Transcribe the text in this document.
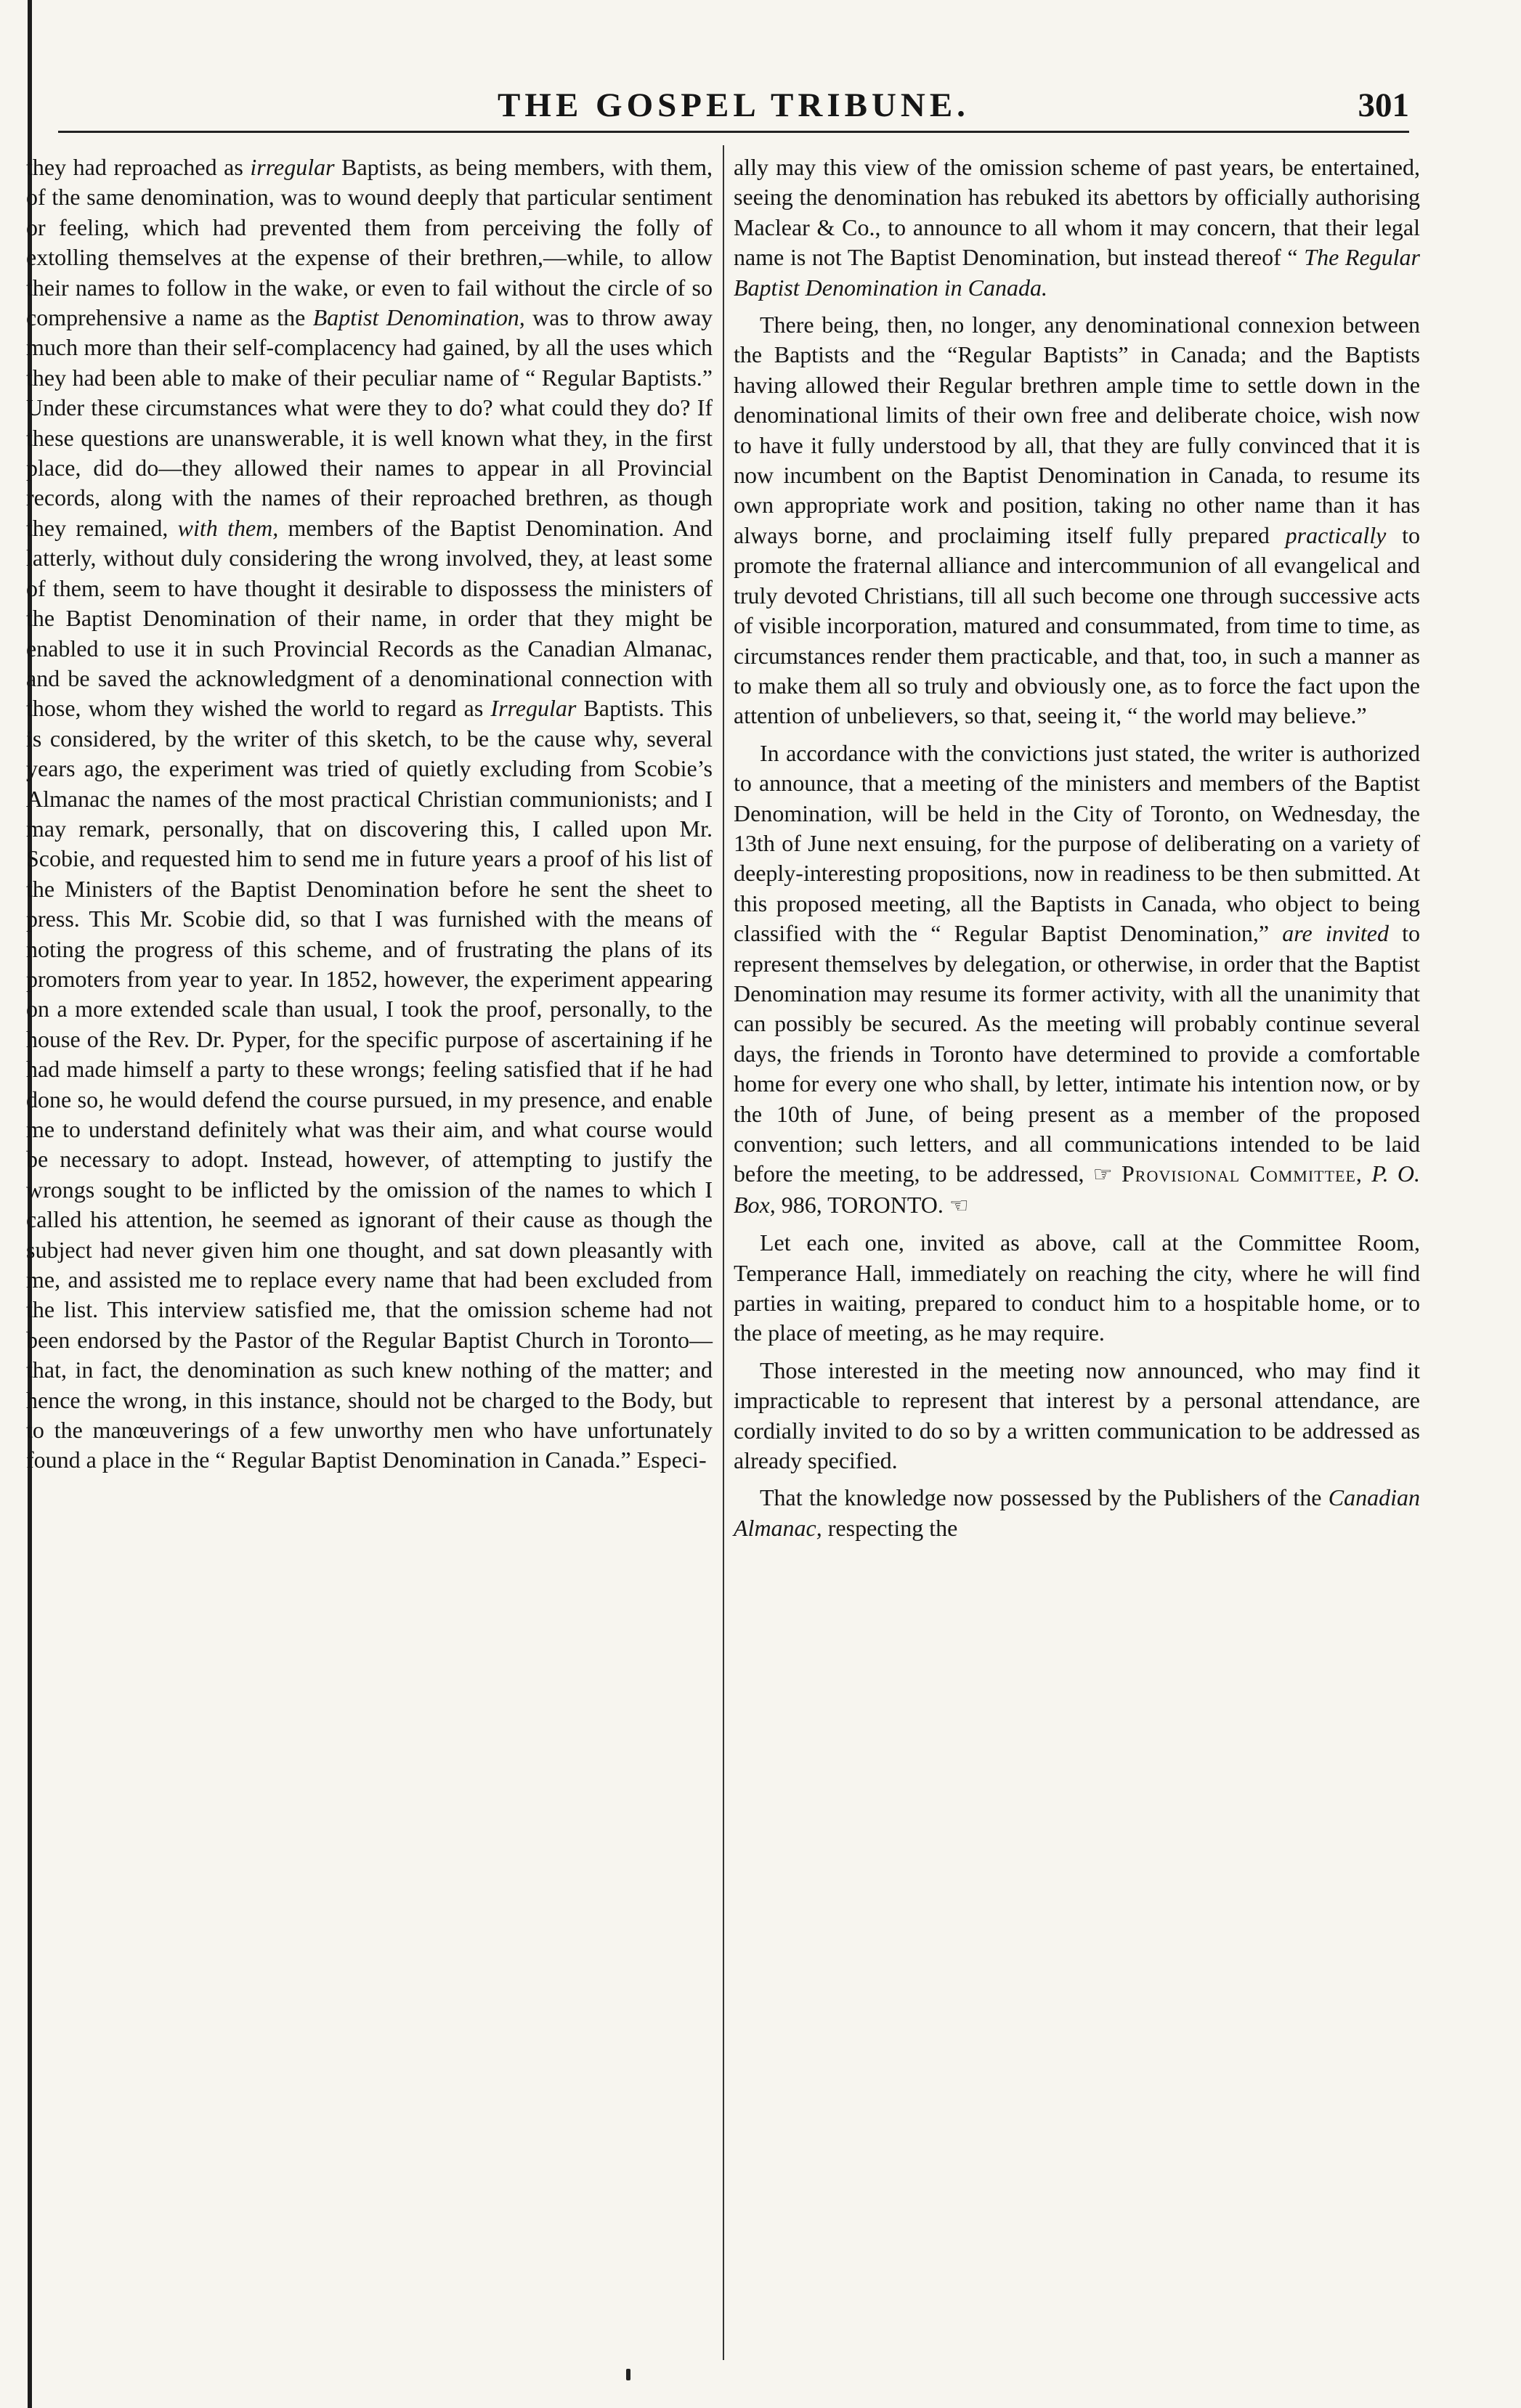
THE GOSPEL TRIBUNE.	301

they had reproached as irregular Baptists, as being members, with them, of the same denomination, was to wound deeply that particular sentiment or feeling, which had prevented them from perceiving the folly of extolling themselves at the expense of their brethren,—while, to allow their names to follow in the wake, or even to fail without the circle of so comprehensive a name as the Baptist Denomination, was to throw away much more than their self-complacency had gained, by all the uses which they had been able to make of their peculiar name of “ Regular Baptists.” Under these circumstances what were they to do? what could they do? If these questions are unanswerable, it is well known what they, in the first place, did do—they allowed their names to appear in all Provincial records, along with the names of their reproached brethren, as though they remained, with them, members of the Baptist Denomination. And latterly, without duly considering the wrong involved, they, at least some of them, seem to have thought it desirable to dispossess the ministers of the Baptist Denomination of their name, in order that they might be enabled to use it in such Provincial Records as the Canadian Almanac, and be saved the acknowledgment of a denominational connection with those, whom they wished the world to regard as Irregular Baptists. This is considered, by the writer of this sketch, to be the cause why, several years ago, the experiment was tried of quietly excluding from Scobie’s Almanac the names of the most practical Christian communionists; and I may remark, personally, that on discovering this, I called upon Mr. Scobie, and requested him to send me in future years a proof of his list of the Ministers of the Baptist Denomination before he sent the sheet to press. This Mr. Scobie did, so that I was furnished with the means of noting the progress of this scheme, and of frustrating the plans of its promoters from year to year. In 1852, however, the experiment appearing on a more extended scale than usual, I took the proof, personally, to the house of the Rev. Dr. Pyper, for the specific purpose of ascertaining if he had made himself a party to these wrongs; feeling satisfied that if he had done so, he would defend the course pursued, in my presence, and enable me to understand definitely what was their aim, and what course would be necessary to adopt. Instead, however, of attempting to justify the wrongs sought to be inflicted by the omission of the names to which I called his attention, he seemed as ignorant of their cause as though the subject had never given him one thought, and sat down pleasantly with me, and assisted me to replace every name that had been excluded from the list. This interview satisfied me, that the omission scheme had not been endorsed by the Pastor of the Regular Baptist Church in Toronto—that, in fact, the denomination as such knew nothing of the matter; and hence the wrong, in this instance, should not be charged to the Body, but to the manœuverings of a few unworthy men who have unfortunately found a place in the “ Regular Baptist Denomination in Canada.” Especi-

ally may this view of the omission scheme of past years, be entertained, seeing the denomination has rebuked its abettors by officially authorising Maclear & Co., to announce to all whom it may concern, that their legal name is not The Baptist Denomination, but instead thereof “ The Regular Baptist Denomination in Canada.

There being, then, no longer, any denominational connexion between the Baptists and the “Regular Baptists” in Canada; and the Baptists having allowed their Regular brethren ample time to settle down in the denominational limits of their own free and deliberate choice, wish now to have it fully understood by all, that they are fully convinced that it is now incumbent on the Baptist Denomination in Canada, to resume its own appropriate work and position, taking no other name than it has always borne, and proclaiming itself fully prepared practically to promote the fraternal alliance and intercommunion of all evangelical and truly devoted Christians, till all such become one through successive acts of visible incorporation, matured and consummated, from time to time, as circumstances render them practicable, and that, too, in such a manner as to make them all so truly and obviously one, as to force the fact upon the attention of unbelievers, so that, seeing it, “ the world may believe.”

In accordance with the convictions just stated, the writer is authorized to announce, that a meeting of the ministers and members of the Baptist Denomination, will be held in the City of Toronto, on Wednesday, the 13th of June next ensuing, for the purpose of deliberating on a variety of deeply-interesting propositions, now in readiness to be then submitted. At this proposed meeting, all the Baptists in Canada, who object to being classified with the “ Regular Baptist Denomination,” are invited to represent themselves by delegation, or otherwise, in order that the Baptist Denomination may resume its former activity, with all the unanimity that can possibly be secured. As the meeting will probably continue several days, the friends in Toronto have determined to provide a comfortable home for every one who shall, by letter, intimate his intention now, or by the 10th of June, of being present as a member of the proposed convention; such letters, and all communications intended to be laid before the meeting, to be addressed, ☞ Provisional Committee, P. O. Box, 986, TORONTO. ☜

Let each one, invited as above, call at the Committee Room, Temperance Hall, immediately on reaching the city, where he will find parties in waiting, prepared to conduct him to a hospitable home, or to the place of meeting, as he may require.

Those interested in the meeting now announced, who may find it impracticable to represent that interest by a personal attendance, are cordially invited to do so by a written communication to be addressed as already specified.

That the knowledge now possessed by the Publishers of the Canadian Almanac, respecting the
